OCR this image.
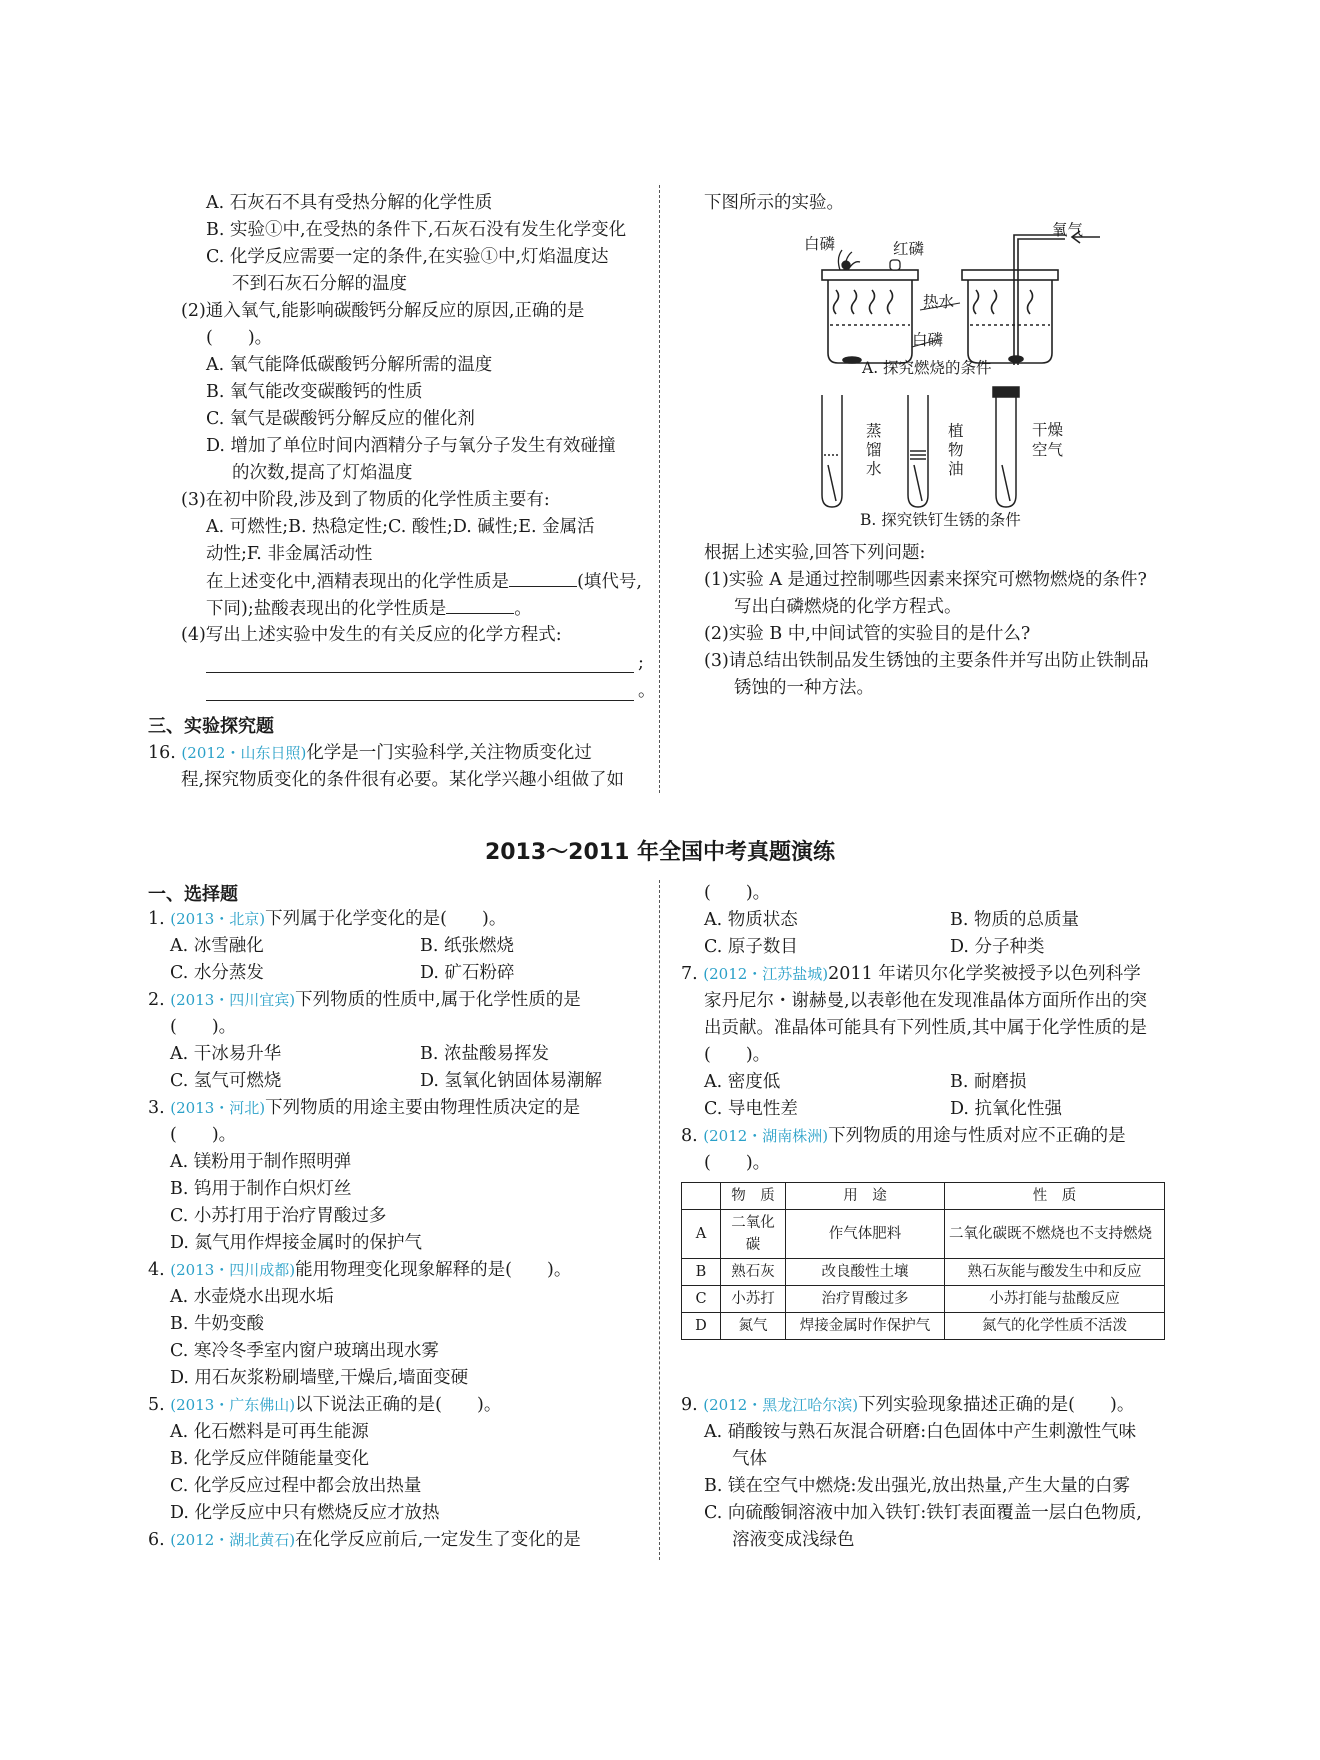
A. 石灰石不具有受热分解的化学性质
B. 实验①中,在受热的条件下,石灰石没有发生化学变化
C. 化学反应需要一定的条件,在实验①中,灯焰温度达
不到石灰石分解的温度
(2)通入氧气,能影响碳酸钙分解反应的原因,正确的是
(　　)。
A. 氧气能降低碳酸钙分解所需的温度
B. 氧气能改变碳酸钙的性质
C. 氧气是碳酸钙分解反应的催化剂
D. 增加了单位时间内酒精分子与氧分子发生有效碰撞
的次数,提高了灯焰温度
(3)在初中阶段,涉及到了物质的化学性质主要有:
A. 可燃性;B. 热稳定性;C. 酸性;D. 碱性;E. 金属活
动性;F. 非金属活动性
在上述变化中,酒精表现出的化学性质是	(填代号,
下同);盐酸表现出的化学性质是	。
(4)写出上述实验中发生的有关反应的化学方程式:
;
。
三、实验探究题
16. (2012・山东日照)化学是一门实验科学,关注物质变化过
程,探究物质变化的条件很有必要。某化学兴趣小组做了如
下图所示的实验。
白磷	红磷
氧气
热水
白磷
A. 探究燃烧的条件
蒸馏水
植物油
干燥空气
B. 探究铁钉生锈的条件
根据上述实验,回答下列问题:
(1)实验 A 是通过控制哪些因素来探究可燃物燃烧的条件?
写出白磷燃烧的化学方程式。
(2)实验 B 中,中间试管的实验目的是什么?
(3)请总结出铁制品发生锈蚀的主要条件并写出防止铁制品
锈蚀的一种方法。
2013～2011 年全国中考真题演练
一、选择题
1. (2013・北京)下列属于化学变化的是(　　)。
A. 冰雪融化	B. 纸张燃烧
C. 水分蒸发	D. 矿石粉碎
2. (2013・四川宜宾)下列物质的性质中,属于化学性质的是
(　　)。
A. 干冰易升华	B. 浓盐酸易挥发
C. 氢气可燃烧	D. 氢氧化钠固体易潮解
3. (2013・河北)下列物质的用途主要由物理性质决定的是
(　　)。
A. 镁粉用于制作照明弹
B. 钨用于制作白炽灯丝
C. 小苏打用于治疗胃酸过多
D. 氮气用作焊接金属时的保护气
4. (2013・四川成都)能用物理变化现象解释的是(　　)。
A. 水壶烧水出现水垢
B. 牛奶变酸
C. 寒冷冬季室内窗户玻璃出现水雾
D. 用石灰浆粉刷墙壁,干燥后,墙面变硬
5. (2013・广东佛山)以下说法正确的是(　　)。
A. 化石燃料是可再生能源
B. 化学反应伴随能量变化
C. 化学反应过程中都会放出热量
D. 化学反应中只有燃烧反应才放热
6. (2012・湖北黄石)在化学反应前后,一定发生了变化的是
(　　)。
A. 物质状态	B. 物质的总质量
C. 原子数目	D. 分子种类
7. (2012・江苏盐城)2011 年诺贝尔化学奖被授予以色列科学
家丹尼尔・谢赫曼,以表彰他在发现准晶体方面所作出的突
出贡献。准晶体可能具有下列性质,其中属于化学性质的是
(　　)。
A. 密度低	B. 耐磨损
C. 导电性差	D. 抗氧化性强
8. (2012・湖南株洲)下列物质的用途与性质对应不正确的是
(　　)。
	物　质	用　途	性　质
A	二氧化碳	作气体肥料	二氧化碳既不燃烧也不支持燃烧
B	熟石灰	改良酸性土壤	熟石灰能与酸发生中和反应
C	小苏打	治疗胃酸过多	小苏打能与盐酸反应
D	氮气	焊接金属时作保护气	氮气的化学性质不活泼
9. (2012・黑龙江哈尔滨)下列实验现象描述正确的是(　　)。
A. 硝酸铵与熟石灰混合研磨:白色固体中产生刺激性气味
气体
B. 镁在空气中燃烧:发出强光,放出热量,产生大量的白雾
C. 向硫酸铜溶液中加入铁钉:铁钉表面覆盖一层白色物质,
溶液变成浅绿色
